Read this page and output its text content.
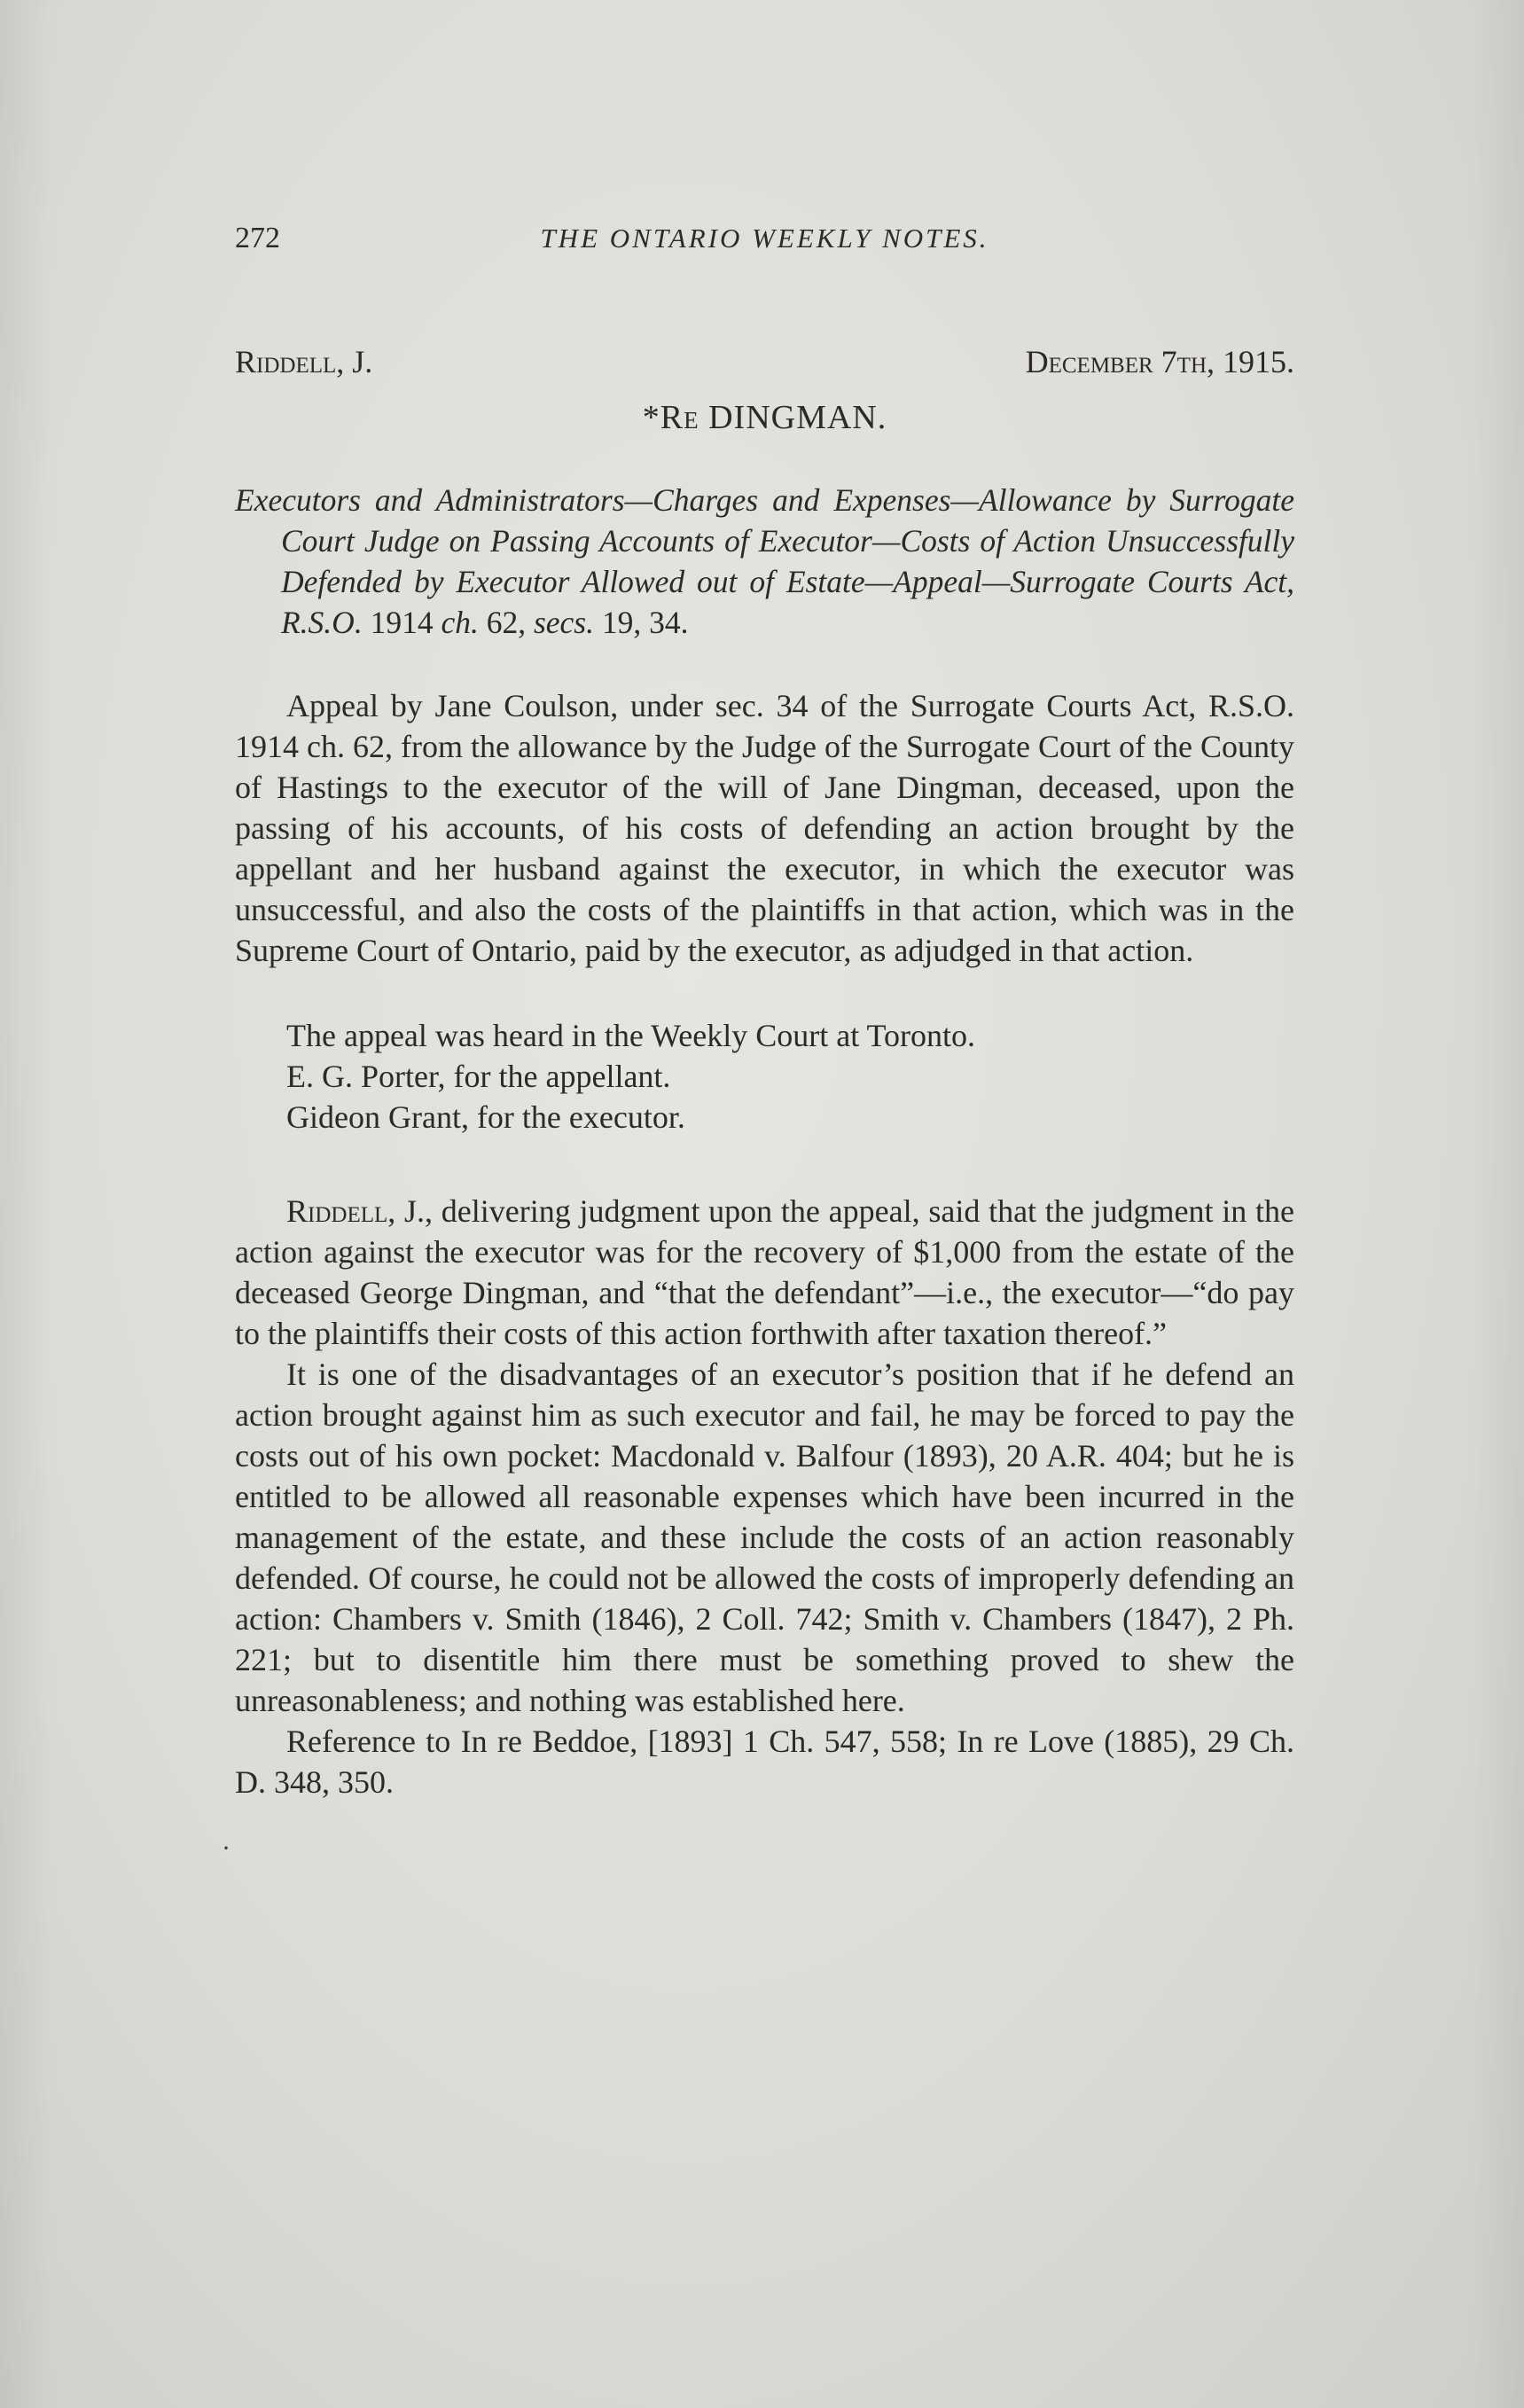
·
272	THE ONTARIO WEEKLY NOTES.
Riddell, J.	December 7th, 1915.
*Re DINGMAN.
Executors and Administrators—Charges and Expenses—Allowance by Surrogate Court Judge on Passing Accounts of Executor—Costs of Action Unsuccessfully Defended by Executor Allowed out of Estate—Appeal—Surrogate Courts Act, R.S.O. 1914 ch. 62, secs. 19, 34.

Appeal by Jane Coulson, under sec. 34 of the Surrogate Courts Act, R.S.O. 1914 ch. 62, from the allowance by the Judge of the Surrogate Court of the County of Hastings to the executor of the will of Jane Dingman, deceased, upon the passing of his accounts, of his costs of defending an action brought by the appellant and her husband against the executor, in which the executor was unsuccessful, and also the costs of the plaintiffs in that action, which was in the Supreme Court of Ontario, paid by the executor, as adjudged in that action.

The appeal was heard in the Weekly Court at Toronto.
E. G. Porter, for the appellant.
Gideon Grant, for the executor.

Riddell, J., delivering judgment upon the appeal, said that the judgment in the action against the executor was for the recovery of $1,000 from the estate of the deceased George Dingman, and “that the defendant”—i.e., the executor—“do pay to the plaintiffs their costs of this action forthwith after taxation thereof.”

It is one of the disadvantages of an executor’s position that if he defend an action brought against him as such executor and fail, he may be forced to pay the costs out of his own pocket: Macdonald v. Balfour (1893), 20 A.R. 404; but he is entitled to be allowed all reasonable expenses which have been incurred in the management of the estate, and these include the costs of an action reasonably defended. Of course, he could not be allowed the costs of improperly defending an action: Chambers v. Smith (1846), 2 Coll. 742; Smith v. Chambers (1847), 2 Ph. 221; but to disentitle him there must be something proved to shew the unreasonableness; and nothing was established here.

Reference to In re Beddoe, [1893] 1 Ch. 547, 558; In re Love (1885), 29 Ch. D. 348, 350.
